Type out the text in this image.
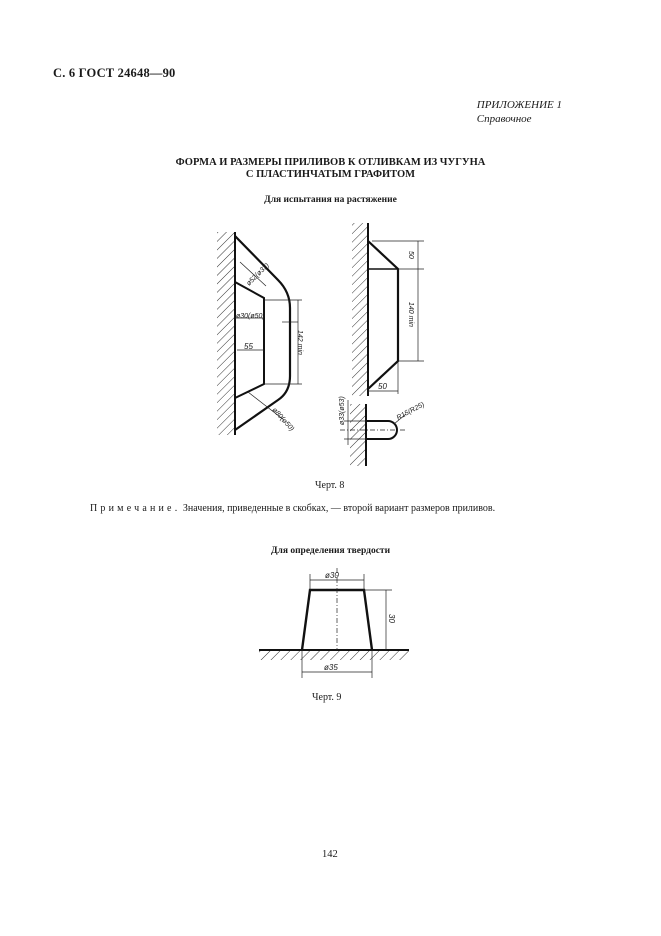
С. 6 ГОСТ 24648—90
ПРИЛОЖЕНИЕ 1
Справочное
ФОРМА И РАЗМЕРЫ ПРИЛИВОВ К ОТЛИВКАМ ИЗ ЧУГУНА
С ПЛАСТИНЧАТЫМ ГРАФИТОМ
Для испытания на растяжение
ø30(ø50)
55
ø52(ø33)
142 min
ø80(ø50)
50
140 min
50
ø33(ø53)	R15(R25)
Черт. 8
Примечание. Значения, приведенные в скобках, — второй вариант размеров приливов.
Для определения твердости
ø30
30
ø35
Черт. 9
142
